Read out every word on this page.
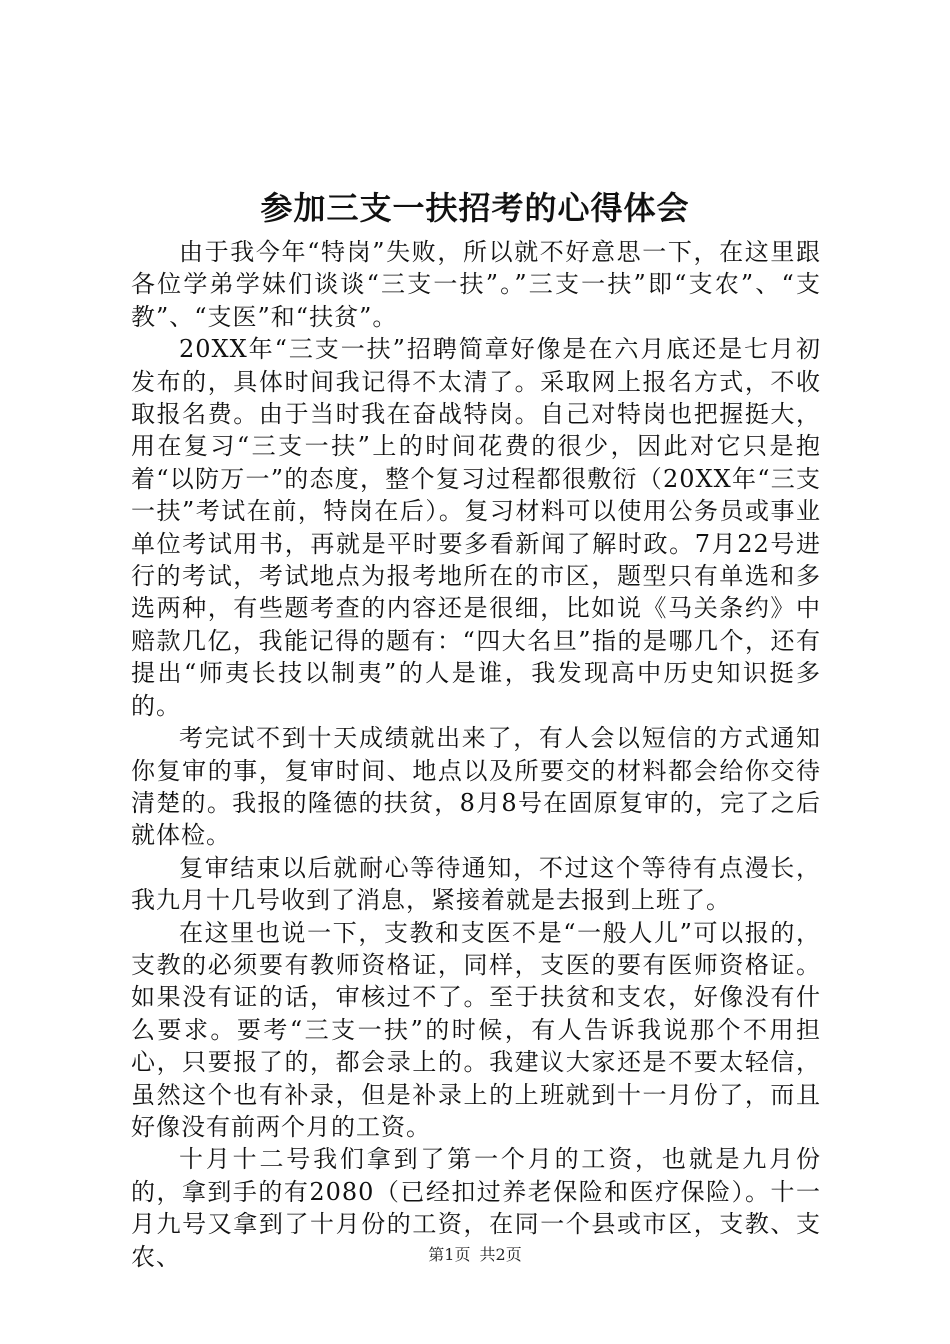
参加三支一扶招考的心得体会

由于我今年“特岗”失败，所以就不好意思一下，在这里跟各位学弟学妹们谈谈“三支一扶”。”三支一扶”即“支农”、“支教”、“支医”和“扶贫”。

20XX年“三支一扶”招聘简章好像是在六月底还是七月初发布的，具体时间我记得不太清了。采取网上报名方式，不收取报名费。由于当时我在奋战特岗。自己对特岗也把握挺大，用在复习“三支一扶”上的时间花费的很少，因此对它只是抱着“以防万一”的态度，整个复习过程都很敷衍（20XX年“三支一扶”考试在前，特岗在后）。复习材料可以使用公务员或事业单位考试用书，再就是平时要多看新闻了解时政。7月22号进行的考试，考试地点为报考地所在的市区，题型只有单选和多选两种，有些题考查的内容还是很细，比如说《马关条约》中赔款几亿，我能记得的题有：“四大名旦”指的是哪几个，还有提出“师夷长技以制夷”的人是谁，我发现高中历史知识挺多的。

考完试不到十天成绩就出来了，有人会以短信的方式通知你复审的事，复审时间、地点以及所要交的材料都会给你交待清楚的。我报的隆德的扶贫，8月8号在固原复审的，完了之后就体检。

复审结束以后就耐心等待通知，不过这个等待有点漫长，我九月十几号收到了消息，紧接着就是去报到上班了。

在这里也说一下，支教和支医不是“一般人儿”可以报的，支教的必须要有教师资格证，同样，支医的要有医师资格证。如果没有证的话，审核过不了。至于扶贫和支农，好像没有什么要求。要考“三支一扶”的时候，有人告诉我说那个不用担心，只要报了的，都会录上的。我建议大家还是不要太轻信，虽然这个也有补录，但是补录上的上班就到十一月份了，而且好像没有前两个月的工资。

十月十二号我们拿到了第一个月的工资，也就是九月份的，拿到手的有2080（已经扣过养老保险和医疗保险）。十一月九号又拿到了十月份的工资，在同一个县或市区，支教、支农、	第1页 共2页
